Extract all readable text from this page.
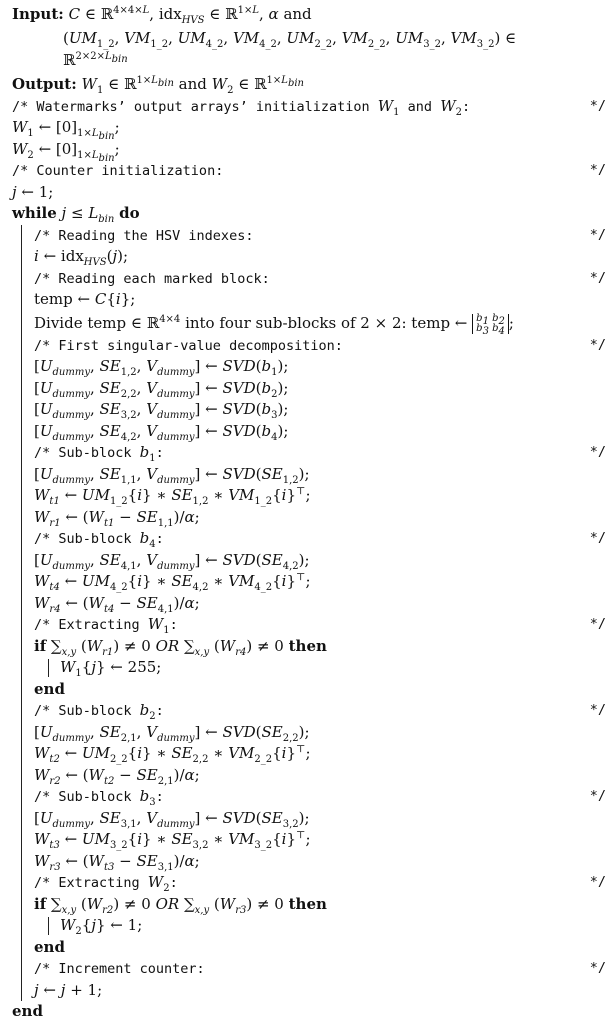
Input: C ∈ ℝ$^{4\times 4\times L}$, idx$_{HVS}$ ∈ ℝ$^{1\times L}$, α and
($UM_{1\_2}$, $VM_{1\_2}$, $UM_{4\_2}$, $VM_{4\_2}$, $UM_{2\_2}$, $VM_{2\_2}$, $UM_{3\_2}$, $VM_{3\_2}$) ∈
ℝ$^{2\times 2\times L_{bin}}$
Output: $W_1$ ∈ ℝ$^{1\times L_{bin}}$ and $W_2$ ∈ ℝ$^{1\times L_{bin}}$
/* Watermarks’ output arrays’ initialization $W_1$ and $W_2$:	*/
$W_1$ ← $[0]_{1\times L_{bin}}$;
$W_2$ ← $[0]_{1\times L_{bin}}$;
/* Counter initialization:	*/
j ← 1;
while $j \le L_{bin}$ do
/* Reading the HSV indexes:	*/
i ← idx$_{HVS}$(j);
/* Reading each marked block:	*/
temp ← C{i};
Divide temp ∈ ℝ$^{4\times 4}$ into four sub-blocks of 2 × 2: temp ← $b_1$ $b_2$
$b_3$ $b_4$ ;
/* First singular-value decomposition:	*/
[$U_{dummy}$, $SE_{1,2}$, $V_{dummy}$] ← $SVD(b_1)$;
[$U_{dummy}$, $SE_{2,2}$, $V_{dummy}$] ← $SVD(b_2)$;
[$U_{dummy}$, $SE_{3,2}$, $V_{dummy}$] ← $SVD(b_3)$;
[$U_{dummy}$, $SE_{4,2}$, $V_{dummy}$] ← $SVD(b_4)$;
/* Sub-block $b_1$:	*/
[$U_{dummy}$, $SE_{1,1}$, $V_{dummy}$] ← $SVD(SE_{1,2})$;
$W_{t1}$ ← $UM_{1\_2}\{i\}$ ∗ $SE_{1,2}$ ∗ $VM_{1\_2}\{i\}^⊤$;
$W_{r1}$ ← $(W_{t1} - SE_{1,1})/\alpha$;
/* Sub-block $b_4$:	*/
[$U_{dummy}$, $SE_{4,1}$, $V_{dummy}$] ← $SVD(SE_{4,2})$;
$W_{t4}$ ← $UM_{4\_2}\{i\}$ ∗ $SE_{4,2}$ ∗ $VM_{4\_2}\{i\}^⊤$;
$W_{r4}$ ← $(W_{t4} - SE_{4,1})/\alpha$;
/* Extracting $W_1$:	*/
if $\sum_{x,y}$ $(W_{r1}) \ne 0$ OR $\sum_{x,y}$ $(W_{r4}) \ne 0$ then
$W_1\{j\}$ ← 255;
end
/* Sub-block $b_2$:	*/
[$U_{dummy}$, $SE_{2,1}$, $V_{dummy}$] ← $SVD(SE_{2,2})$;
$W_{t2}$ ← $UM_{2\_2}\{i\}$ ∗ $SE_{2,2}$ ∗ $VM_{2\_2}\{i\}^⊤$;
$W_{r2}$ ← $(W_{t2} - SE_{2,1})/\alpha$;
/* Sub-block $b_3$:	*/
[$U_{dummy}$, $SE_{3,1}$, $V_{dummy}$] ← $SVD(SE_{3,2})$;
$W_{t3}$ ← $UM_{3\_2}\{i\}$ ∗ $SE_{3,2}$ ∗ $VM_{3\_2}\{i\}^⊤$;
$W_{r3}$ ← $(W_{t3} - SE_{3,1})/\alpha$;
/* Extracting $W_2$:	*/
if $\sum_{x,y}$ $(W_{r2}) \ne 0$ OR $\sum_{x,y}$ $(W_{r3}) \ne 0$ then
$W_2\{j\}$ ← 1;
end
/* Increment counter:	*/
j ← j + 1;
end
